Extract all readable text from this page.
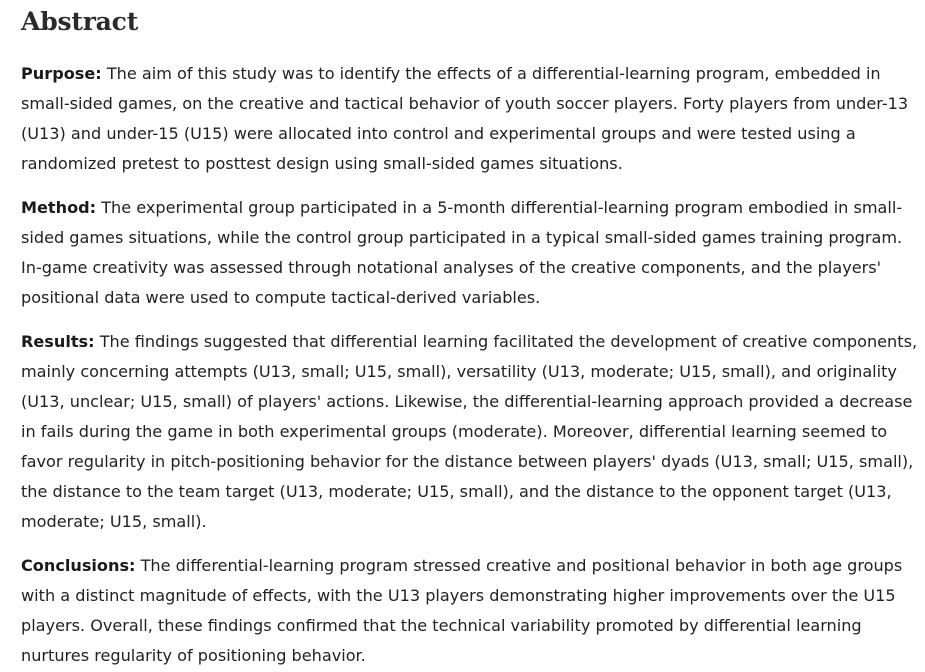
Abstract

Purpose: The aim of this study was to identify the effects of a differential-learning program, embedded in small-sided games, on the creative and tactical behavior of youth soccer players. Forty players from under-13 (U13) and under-15 (U15) were allocated into control and experimental groups and were tested using a randomized pretest to posttest design using small-sided games situations.

Method: The experimental group participated in a 5-month differential-learning program embodied in small-sided games situations, while the control group participated in a typical small-sided games training program. In-game creativity was assessed through notational analyses of the creative components, and the players' positional data were used to compute tactical-derived variables.

Results: The findings suggested that differential learning facilitated the development of creative components, mainly concerning attempts (U13, small; U15, small), versatility (U13, moderate; U15, small), and originality (U13, unclear; U15, small) of players' actions. Likewise, the differential-learning approach provided a decrease in fails during the game in both experimental groups (moderate). Moreover, differential learning seemed to favor regularity in pitch-positioning behavior for the distance between players' dyads (U13, small; U15, small), the distance to the team target (U13, moderate; U15, small), and the distance to the opponent target (U13, moderate; U15, small).

Conclusions: The differential-learning program stressed creative and positional behavior in both age groups with a distinct magnitude of effects, with the U13 players demonstrating higher improvements over the U15 players. Overall, these findings confirmed that the technical variability promoted by differential learning nurtures regularity of positioning behavior.
